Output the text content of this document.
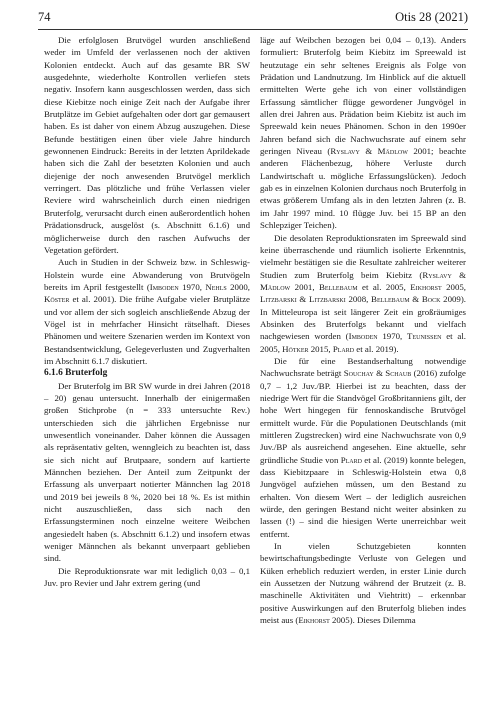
74	Otis 28 (2021)

Die erfolglosen Brutvögel wurden anschließend weder im Umfeld der verlassenen noch der aktiven Kolonien entdeckt. Auch auf das gesamte BR SW ausgedehnte, wiederholte Kontrollen verliefen stets negativ. Insofern kann ausgeschlossen werden, dass sich diese Kiebitze noch einige Zeit nach der Aufgabe ihrer Brutplätze im Gebiet aufgehalten oder dort gar gemausert haben. Es ist daher von einem Abzug auszugehen. Diese Befunde bestätigen einen über viele Jahre hindurch gewonnenen Eindruck: Bereits in der letzten Aprildekade haben sich die Zahl der besetzten Kolonien und auch diejenige der noch anwesenden Brutvögel merklich verringert. Das plötzliche und frühe Verlassen vieler Reviere wird wahrscheinlich durch einen niedrigen Bruterfolg, verursacht durch einen außerordentlich hohen Prädationsdruck, ausgelöst (s. Abschnitt 6.1.6) und möglicherweise durch den raschen Aufwuchs der Vegetation gefördert.

Auch in Studien in der Schweiz bzw. in Schleswig-Holstein wurde eine Abwanderung von Brutvögeln bereits im April festgestellt (Imboden 1970, Nehls 2000, Köster et al. 2001). Die frühe Aufgabe vieler Brutplätze und vor allem der sich sogleich anschließende Abzug der Vögel ist in mehrfacher Hinsicht rätselhaft. Dieses Phänomen und weitere Szenarien werden im Kontext von Bestandsentwicklung, Gelegeverlusten und Zugverhalten im Abschnitt 6.1.7 diskutiert.

6.1.6 Bruterfolg

Der Bruterfolg im BR SW wurde in drei Jahren (2018 – 20) genau untersucht. Innerhalb der einigermaßen großen Stichprobe (n = 333 untersuchte Rev.) unterschieden sich die jährlichen Ergebnisse nur unwesentlich voneinander. Daher können die Aussagen als repräsentativ gelten, wenngleich zu beachten ist, dass sie sich nicht auf Brutpaare, sondern auf kartierte Männchen beziehen. Der Anteil zum Zeitpunkt der Erfassung als unverpaart notierter Männchen lag 2018 und 2019 bei jeweils 8 %, 2020 bei 18 %. Es ist mithin nicht auszuschließen, dass sich nach den Erfassungsterminen noch einzelne weitere Weibchen angesiedelt haben (s. Abschnitt 6.1.2) und insofern etwas weniger Männchen als bekannt unverpaart geblieben sind.

Die Reproduktionsrate war mit lediglich 0,03 – 0,1 Juv. pro Revier und Jahr extrem gering (und

läge auf Weibchen bezogen bei 0,04 – 0,13). Anders formuliert: Bruterfolg beim Kiebitz im Spreewald ist heutzutage ein sehr seltenes Ereignis als Folge von Prädation und Landnutzung. Im Hinblick auf die aktuell ermittelten Werte gehe ich von einer vollständigen Erfassung sämtlicher flügge gewordener Jungvögel in allen drei Jahren aus. Prädation beim Kiebitz ist auch im Spreewald kein neues Phänomen. Schon in den 1990er Jahren befand sich die Nachwuchsrate auf einem sehr geringen Niveau (Ryslavy & Mädlow 2001; beachte anderen Flächenbezug, höhere Verluste durch Landwirtschaft u. mögliche Erfassungslücken). Jedoch gab es in einzelnen Kolonien durchaus noch Bruterfolg in etwas größerem Umfang als in den letzten Jahren (z. B. im Jahr 1997 mind. 10 flügge Juv. bei 15 BP an den Schlepziger Teichen).

Die desolaten Reproduktionsraten im Spreewald sind keine überraschende und räumlich isolierte Erkenntnis, vielmehr bestätigen sie die Resultate zahlreicher weiterer Studien zum Bruterfolg beim Kiebitz (Ryslavy & Mädlow 2001, Bellebaum et al. 2005, Eikhorst 2005, Litzbarski & Litzbarski 2008, Bellebaum & Bock 2009). In Mitteleuropa ist seit längerer Zeit ein großräumiges Absinken des Bruterfolgs bekannt und vielfach nachgewiesen worden (Imboden 1970, Teunissen et al. 2005, Hötker 2015, Plard et al. 2019).

Die für eine Bestandserhaltung notwendige Nachwuchsrate beträgt Souchay & Schaub (2016) zufolge 0,7 – 1,2 Juv./BP. Hierbei ist zu beachten, dass der niedrige Wert für die Standvögel Großbritanniens gilt, der hohe Wert hingegen für fennoskandische Brutvögel ermittelt wurde. Für die Populationen Deutschlands (mit mittleren Zugstrecken) wird eine Nachwuchsrate von 0,9 Juv./BP als ausreichend angesehen. Eine aktuelle, sehr gründliche Studie von Plard et al. (2019) konnte belegen, dass Kiebitzpaare in Schleswig-Holstein etwa 0,8 Jungvögel aufziehen müssen, um den Bestand zu erhalten. Von diesem Wert – der lediglich ausreichen würde, den geringen Bestand nicht weiter absinken zu lassen (!) – sind die hiesigen Werte unerreichbar weit entfernt.

In vielen Schutzgebieten konnten bewirtschaftungsbedingte Verluste von Gelegen und Küken erheblich reduziert werden, in erster Linie durch ein Aussetzen der Nutzung während der Brutzeit (z. B. maschinelle Aktivitäten und Viehtritt) – erkennbar positive Auswirkungen auf den Bruterfolg blieben indes meist aus (Eikhorst 2005). Dieses Dilemma
